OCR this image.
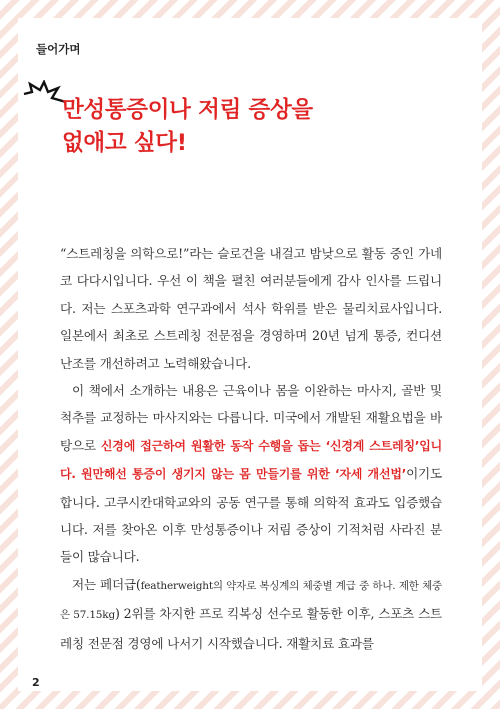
들어가며
만성통증이나 저림 증상을
없애고 싶다!

“스트레칭을 의학으로!”라는 슬로건을 내걸고 밤낮으로 활동 중인 가네코 다다시입니다. 우선 이 책을 펼친 여러분들에게 감사 인사를 드립니다. 저는 스포츠과학 연구과에서 석사 학위를 받은 물리치료사입니다. 일본에서 최초로 스트레칭 전문점을 경영하며 20년 넘게 통증, 컨디션 난조를 개선하려고 노력해왔습니다.

이 책에서 소개하는 내용은 근육이나 몸을 이완하는 마사지, 골반 및 척추를 교정하는 마사지와는 다릅니다. 미국에서 개발된 재활요법을 바탕으로 신경에 접근하여 원활한 동작 수행을 돕는 ‘신경계 스트레칭’입니다. 원만해선 통증이 생기지 않는 몸 만들기를 위한 ‘자세 개선법’이기도 합니다. 고쿠시칸대학교와의 공동 연구를 통해 의학적 효과도 입증했습니다. 저를 찾아온 이후 만성통증이나 저림 증상이 기적처럼 사라진 분들이 많습니다.

저는 페더급(featherweight의 약자로 복싱계의 체중별 계급 중 하나. 제한 체중은 57.15kg) 2위를 차지한 프로 킥복싱 선수로 활동한 이후, 스포츠 스트레칭 전문점 경영에 나서기 시작했습니다. 재활치료 효과를

2
